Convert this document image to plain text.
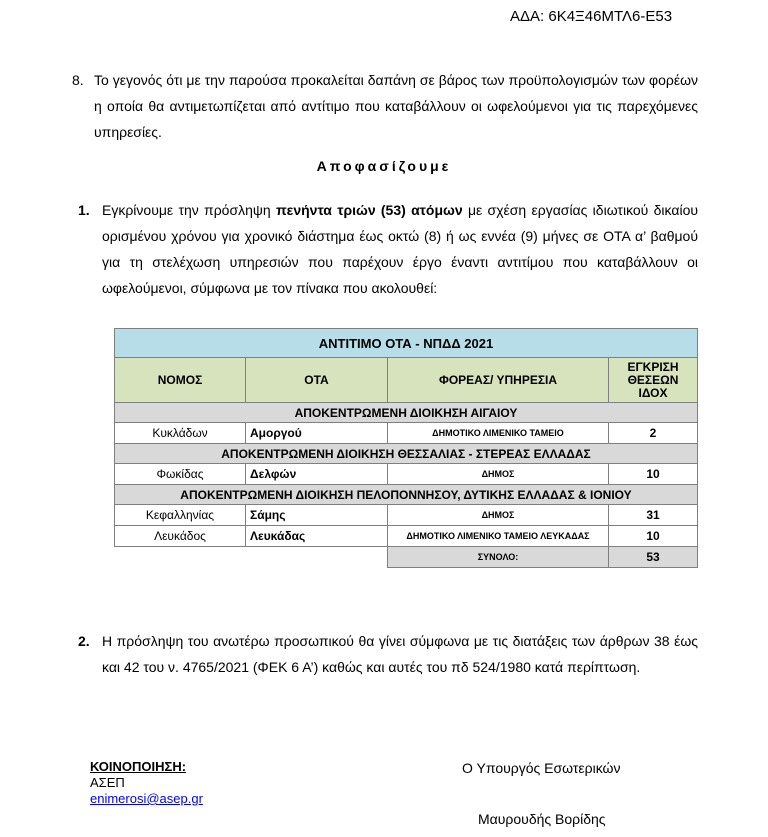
ΑΔΑ: 6Κ4Ξ46ΜΤΛ6-Ε53
8. Το γεγονός ότι με την παρούσα προκαλείται δαπάνη σε βάρος των προϋπολογισμών των φορέων η οποία θα αντιμετωπίζεται από αντίτιμο που καταβάλλουν οι ωφελούμενοι για τις παρεχόμενες υπηρεσίες.
Αποφασίζουμε
1. Εγκρίνουμε την πρόσληψη πενήντα τριών (53) ατόμων με σχέση εργασίας ιδιωτικού δικαίου ορισμένου χρόνου για χρονικό διάστημα έως οκτώ (8) ή ως εννέα (9) μήνες σε ΟΤΑ α’ βαθμού για τη στελέχωση υπηρεσιών που παρέχουν έργο έναντι αντιτίμου που καταβάλλουν οι ωφελούμενοι, σύμφωνα με τον πίνακα που ακολουθεί:
ΑΝΤΙΤΙΜΟ ΟΤΑ - ΝΠΔΔ 2021			
ΝΟΜΟΣ	ΟΤΑ	ΦΟΡΕΑΣ/ ΥΠΗΡΕΣΙΑ	ΕΓΚΡΙΣΗ
ΘΕΣΕΩΝ
ΙΔΟΧ

ΑΠΟΚΕΝΤΡΩΜΕΝΗ ΔΙΟΙΚΗΣΗ ΑΙΓΑΙΟΥ			
Κυκλάδων	Αμοργού	ΔΗΜΟΤΙΚΟ ΛΙΜΕΝΙΚΟ ΤΑΜΕΙΟ	2
ΑΠΟΚΕΝΤΡΩΜΕΝΗ ΔΙΟΙΚΗΣΗ ΘΕΣΣΑΛΙΑΣ - ΣΤΕΡΕΑΣ ΕΛΛΑΔΑΣ			
Φωκίδας	Δελφών	ΔΗΜΟΣ	10
ΑΠΟΚΕΝΤΡΩΜΕΝΗ ΔΙΟΙΚΗΣΗ ΠΕΛΟΠΟΝΝΗΣΟΥ, ΔΥΤΙΚΗΣ ΕΛΛΑΔΑΣ & ΙΟΝΙΟΥ			
Κεφαλληνίας	Σάμης	ΔΗΜΟΣ	31
Λευκάδος	Λευκάδας	ΔΗΜΟΤΙΚΟ ΛΙΜΕΝΙΚΟ ΤΑΜΕΙΟ ΛΕΥΚΑΔΑΣ	10
		ΣΥΝΟΛΟ:	53
2. Η πρόσληψη του ανωτέρω προσωπικού θα γίνει σύμφωνα με τις διατάξεις των άρθρων 38 έως και 42 του ν. 4765/2021 (ΦΕΚ 6 Α’) καθώς και αυτές του πδ 524/1980 κατά περίπτωση.
ΚΟΙΝΟΠΟΙΗΣΗ:
ΑΣΕΠ
enimerosi@asep.gr
Ο Υπουργός Εσωτερικών
Μαυρουδής Βορίδης
